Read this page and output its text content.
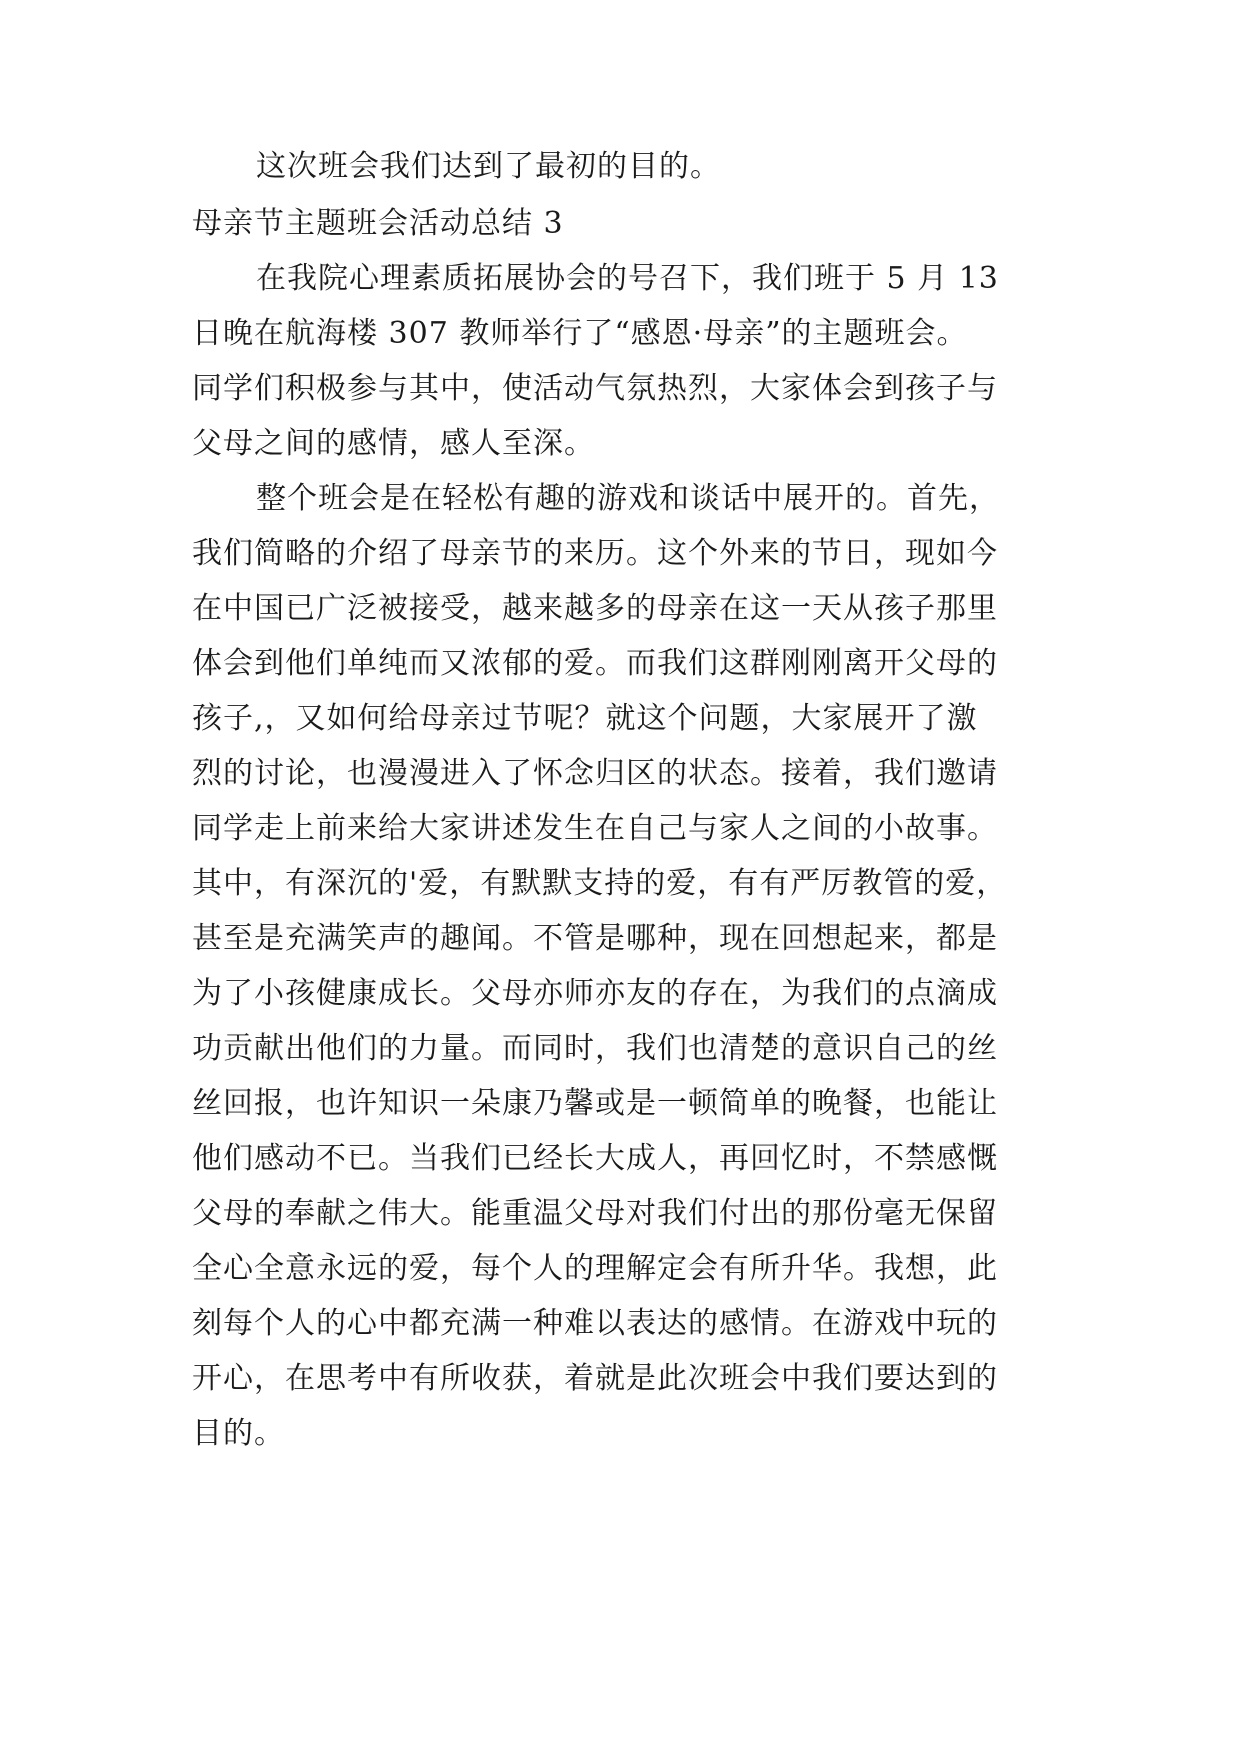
这次班会我们达到了最初的目的。
母亲节主题班会活动总结 3
在我院心理素质拓展协会的号召下，我们班于 5 月 13
日晚在航海楼 307 教师举行了“感恩·母亲”的主题班会。
同学们积极参与其中，使活动气氛热烈，大家体会到孩子与
父母之间的感情，感人至深。
整个班会是在轻松有趣的游戏和谈话中展开的。首先，
我们简略的介绍了母亲节的来历。这个外来的节日，现如今
在中国已广泛被接受，越来越多的母亲在这一天从孩子那里
体会到他们单纯而又浓郁的爱。而我们这群刚刚离开父母的
孩子,，又如何给母亲过节呢？就这个问题，大家展开了激
烈的讨论，也漫漫进入了怀念归区的状态。接着，我们邀请
同学走上前来给大家讲述发生在自己与家人之间的小故事。
其中，有深沉的'爱，有默默支持的爱，有有严厉教管的爱，
甚至是充满笑声的趣闻。不管是哪种，现在回想起来，都是
为了小孩健康成长。父母亦师亦友的存在，为我们的点滴成
功贡献出他们的力量。而同时，我们也清楚的意识自己的丝
丝回报，也许知识一朵康乃馨或是一顿简单的晚餐，也能让
他们感动不已。当我们已经长大成人，再回忆时，不禁感慨
父母的奉献之伟大。能重温父母对我们付出的那份毫无保留
全心全意永远的爱，每个人的理解定会有所升华。我想，此
刻每个人的心中都充满一种难以表达的感情。在游戏中玩的
开心，在思考中有所收获，着就是此次班会中我们要达到的
目的。
